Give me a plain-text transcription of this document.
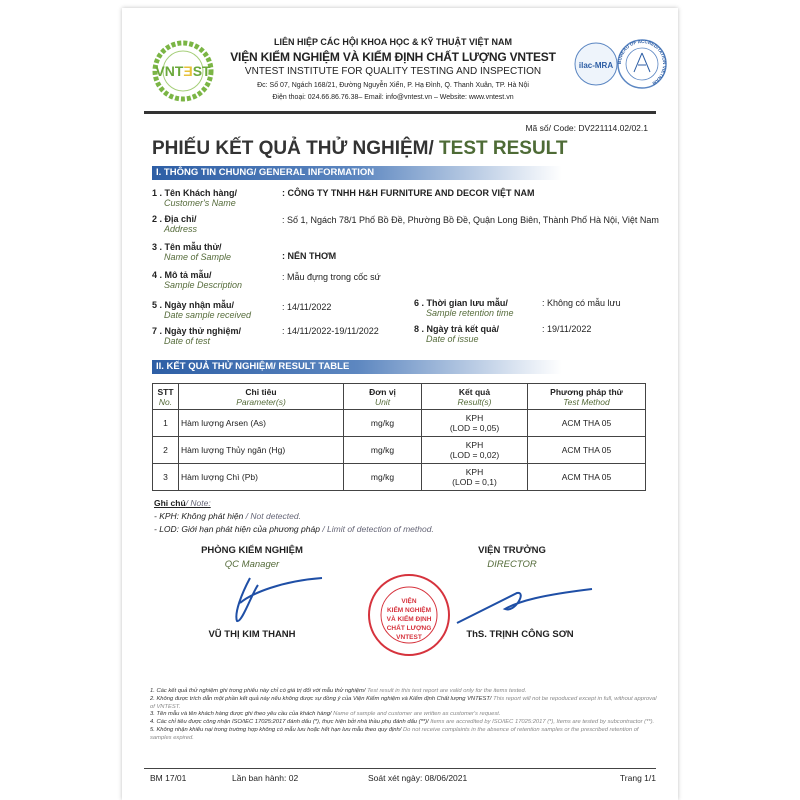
VNTƎST
LIÊN HIỆP CÁC HỘI KHOA HỌC & KỸ THUẬT VIỆT NAM
VIỆN KIỂM NGHIỆM VÀ KIỂM ĐỊNH CHẤT LƯỢNG VNTEST
VNTEST INSTITUTE FOR QUALITY TESTING AND INSPECTION
Đc: Số 07, Ngách 168/21, Đường Nguyễn Xiển, P. Hạ Đình, Q. Thanh Xuân, TP. Hà Nội
Điện thoại: 024.66.86.76.38– Email: info@vntest.vn – Website: www.vntest.vn
ilac-MRA BUREAU OF ACCREDITATION VIETNAM
Mã số/ Code: DV221114.02/02.1
PHIẾU KẾT QUẢ THỬ NGHIỆM/ TEST RESULT
I. THÔNG TIN CHUNG/ GENERAL INFORMATION
1 . Tên Khách hàng/
Customer's Name
: CÔNG TY TNHH H&H FURNITURE AND DECOR VIỆT NAM
2 . Địa chỉ/
Address
: Số 1, Ngách 78/1 Phố Bồ Đề, Phường Bồ Đề, Quận Long Biên, Thành Phố Hà Nội, Việt Nam
3 . Tên mẫu thử/
Name of Sample	: NẾN THƠM
4 . Mô tả mẫu/
Sample Description
: Mẫu đựng trong cốc sứ
5 . Ngày nhận mẫu/
Date sample received
: 14/11/2022	6 . Thời gian lưu mẫu/
Sample retention time
: Không có mẫu lưu
7 . Ngày thử nghiệm/
Date of test
: 14/11/2022-19/11/2022	8 . Ngày trả kết quả/
Date of issue
: 19/11/2022
II. KẾT QUẢ THỬ NGHIỆM/ RESULT TABLE
STT
No.	Chỉ tiêu
Parameter(s)	Đơn vị
Unit	Kết quả
Result(s)	Phương pháp thử
Test Method

1	Hàm lượng Arsen (As)	mg/kg	KPH
(LOD = 0,05)	ACM THA 05
2	Hàm lượng Thủy ngân (Hg)	mg/kg	KPH
(LOD = 0,02)	ACM THA 05
3	Hàm lượng Chì (Pb)	mg/kg	KPH
(LOD = 0,1)	ACM THA 05
Ghi chú/ Note:
- KPH: Không phát hiện / Not detected.
- LOD: Giới hạn phát hiện của phương pháp / Limit of detection of method.
PHÒNG KIỂM NGHIỆM
QC Manager
VŨ THỊ KIM THANH
VIỆN TRƯỞNG
DIRECTOR
VIỆN
KIỂM NGHIỆM
VÀ KIỂM ĐỊNH
CHẤT LƯỢNG
VNTEST	ThS. TRỊNH CÔNG SƠN
1. Các kết quả thử nghiệm ghi trong phiếu này chỉ có giá trị đối với mẫu thử nghiệm/ Test result in this test report are valid only for the items tested.
2. Không được trích dẫn một phần kết quả này nếu không được sự đồng ý của Viện Kiểm nghiệm và Kiểm định Chất lượng VNTEST/ This report will not be repoduced except in full, without approval of VNTEST.
3. Tên mẫu và tên khách hàng được ghi theo yêu cầu của khách hàng/ Name of sample and customer are written as customer's request.
4. Các chỉ tiêu được công nhận ISO/IEC 17025:2017 đánh dấu (*), thực hiện bởi nhà thầu phụ đánh dấu (**)/ Items are accredited by ISO/IEC 17025:2017 (*), Items are tested by subcontractor (**).
5. Không nhận khiếu nại trong trường hợp không có mẫu lưu hoặc hết hạn lưu mẫu theo quy định/ Do not receive complaints in the absence of retention samples or the prescribed retention of samples expired.
BM 17/01	Lần ban hành: 02	Soát xét ngày: 08/06/2021	Trang 1/1
